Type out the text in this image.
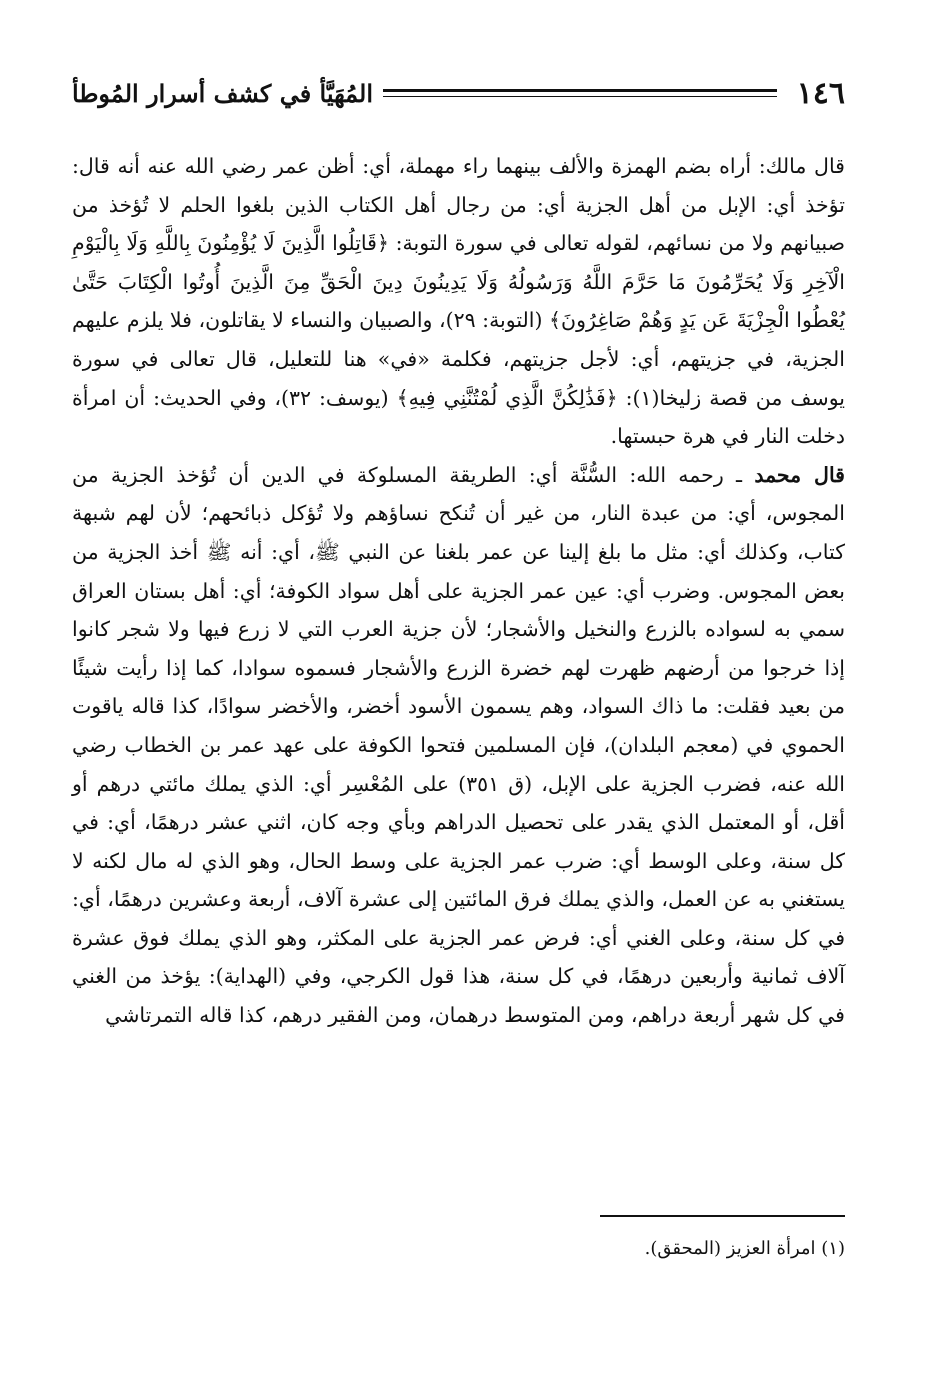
١٤٦
المُهَيَّأ في كشف أسرار المُوطأ

قال مالك: أراه بضم الهمزة والألف بينهما راء مهملة، أي: أظن عمر رضي الله عنه أنه قال: تؤخذ أي: الإبل من أهل الجزية أي: من رجال أهل الكتاب الذين بلغوا الحلم لا تُؤخذ من صبيانهم ولا من نسائهم، لقوله تعالى في سورة التوبة: ﴿قَاتِلُوا الَّذِينَ لَا يُؤْمِنُونَ بِاللَّهِ وَلَا بِالْيَوْمِ الْآخِرِ وَلَا يُحَرِّمُونَ مَا حَرَّمَ اللَّهُ وَرَسُولُهُ وَلَا يَدِينُونَ دِينَ الْحَقِّ مِنَ الَّذِينَ أُوتُوا الْكِتَابَ حَتَّىٰ يُعْطُوا الْجِزْيَةَ عَن يَدٍ وَهُمْ صَاغِرُونَ﴾ (التوبة: ٢٩)، والصبيان والنساء لا يقاتلون، فلا يلزم عليهم الجزية، في جزيتهم، أي: لأجل جزيتهم، فكلمة «في» هنا للتعليل، قال تعالى في سورة يوسف من قصة زليخا(١): ﴿فَذَٰلِكُنَّ الَّذِي لُمْتُنَّنِي فِيهِ﴾ (يوسف: ٣٢)، وفي الحديث: أن امرأة دخلت النار في هرة حبستها.

قال محمد ـ رحمه الله: السُّنَّة أي: الطريقة المسلوكة في الدين أن تُؤخذ الجزية من المجوس، أي: من عبدة النار، من غير أن تُنكح نساؤهم ولا تُؤكل ذبائحهم؛ لأن لهم شبهة كتاب، وكذلك أي: مثل ما بلغ إلينا عن عمر بلغنا عن النبي ﷺ، أي: أنه ﷺ أخذ الجزية من بعض المجوس. وضرب أي: عين عمر الجزية على أهل سواد الكوفة؛ أي: أهل بستان العراق سمي به لسواده بالزرع والنخيل والأشجار؛ لأن جزية العرب التي لا زرع فيها ولا شجر كانوا إذا خرجوا من أرضهم ظهرت لهم خضرة الزرع والأشجار فسموه سوادا، كما إذا رأيت شيئًا من بعيد فقلت: ما ذاك السواد، وهم يسمون الأسود أخضر، والأخضر سوادًا، كذا قاله ياقوت الحموي في (معجم البلدان)، فإن المسلمين فتحوا الكوفة على عهد عمر بن الخطاب رضي الله عنه، فضرب الجزية على الإبل، (ق ٣٥١) على المُعْسِر أي: الذي يملك مائتي درهم أو أقل، أو المعتمل الذي يقدر على تحصيل الدراهم وبأي وجه كان، اثني عشر درهمًا، أي: في كل سنة، وعلى الوسط أي: ضرب عمر الجزية على وسط الحال، وهو الذي له مال لكنه لا يستغني به عن العمل، والذي يملك فرق المائتين إلى عشرة آلاف، أربعة وعشرين درهمًا، أي: في كل سنة، وعلى الغني أي: فرض عمر الجزية على المكثر، وهو الذي يملك فوق عشرة آلاف ثمانية وأربعين درهمًا، في كل سنة، هذا قول الكرجي، وفي (الهداية): يؤخذ من الغني في كل شهر أربعة دراهم، ومن المتوسط درهمان، ومن الفقير درهم، كذا قاله التمرتاشي

(١) امرأة العزيز (المحقق).
